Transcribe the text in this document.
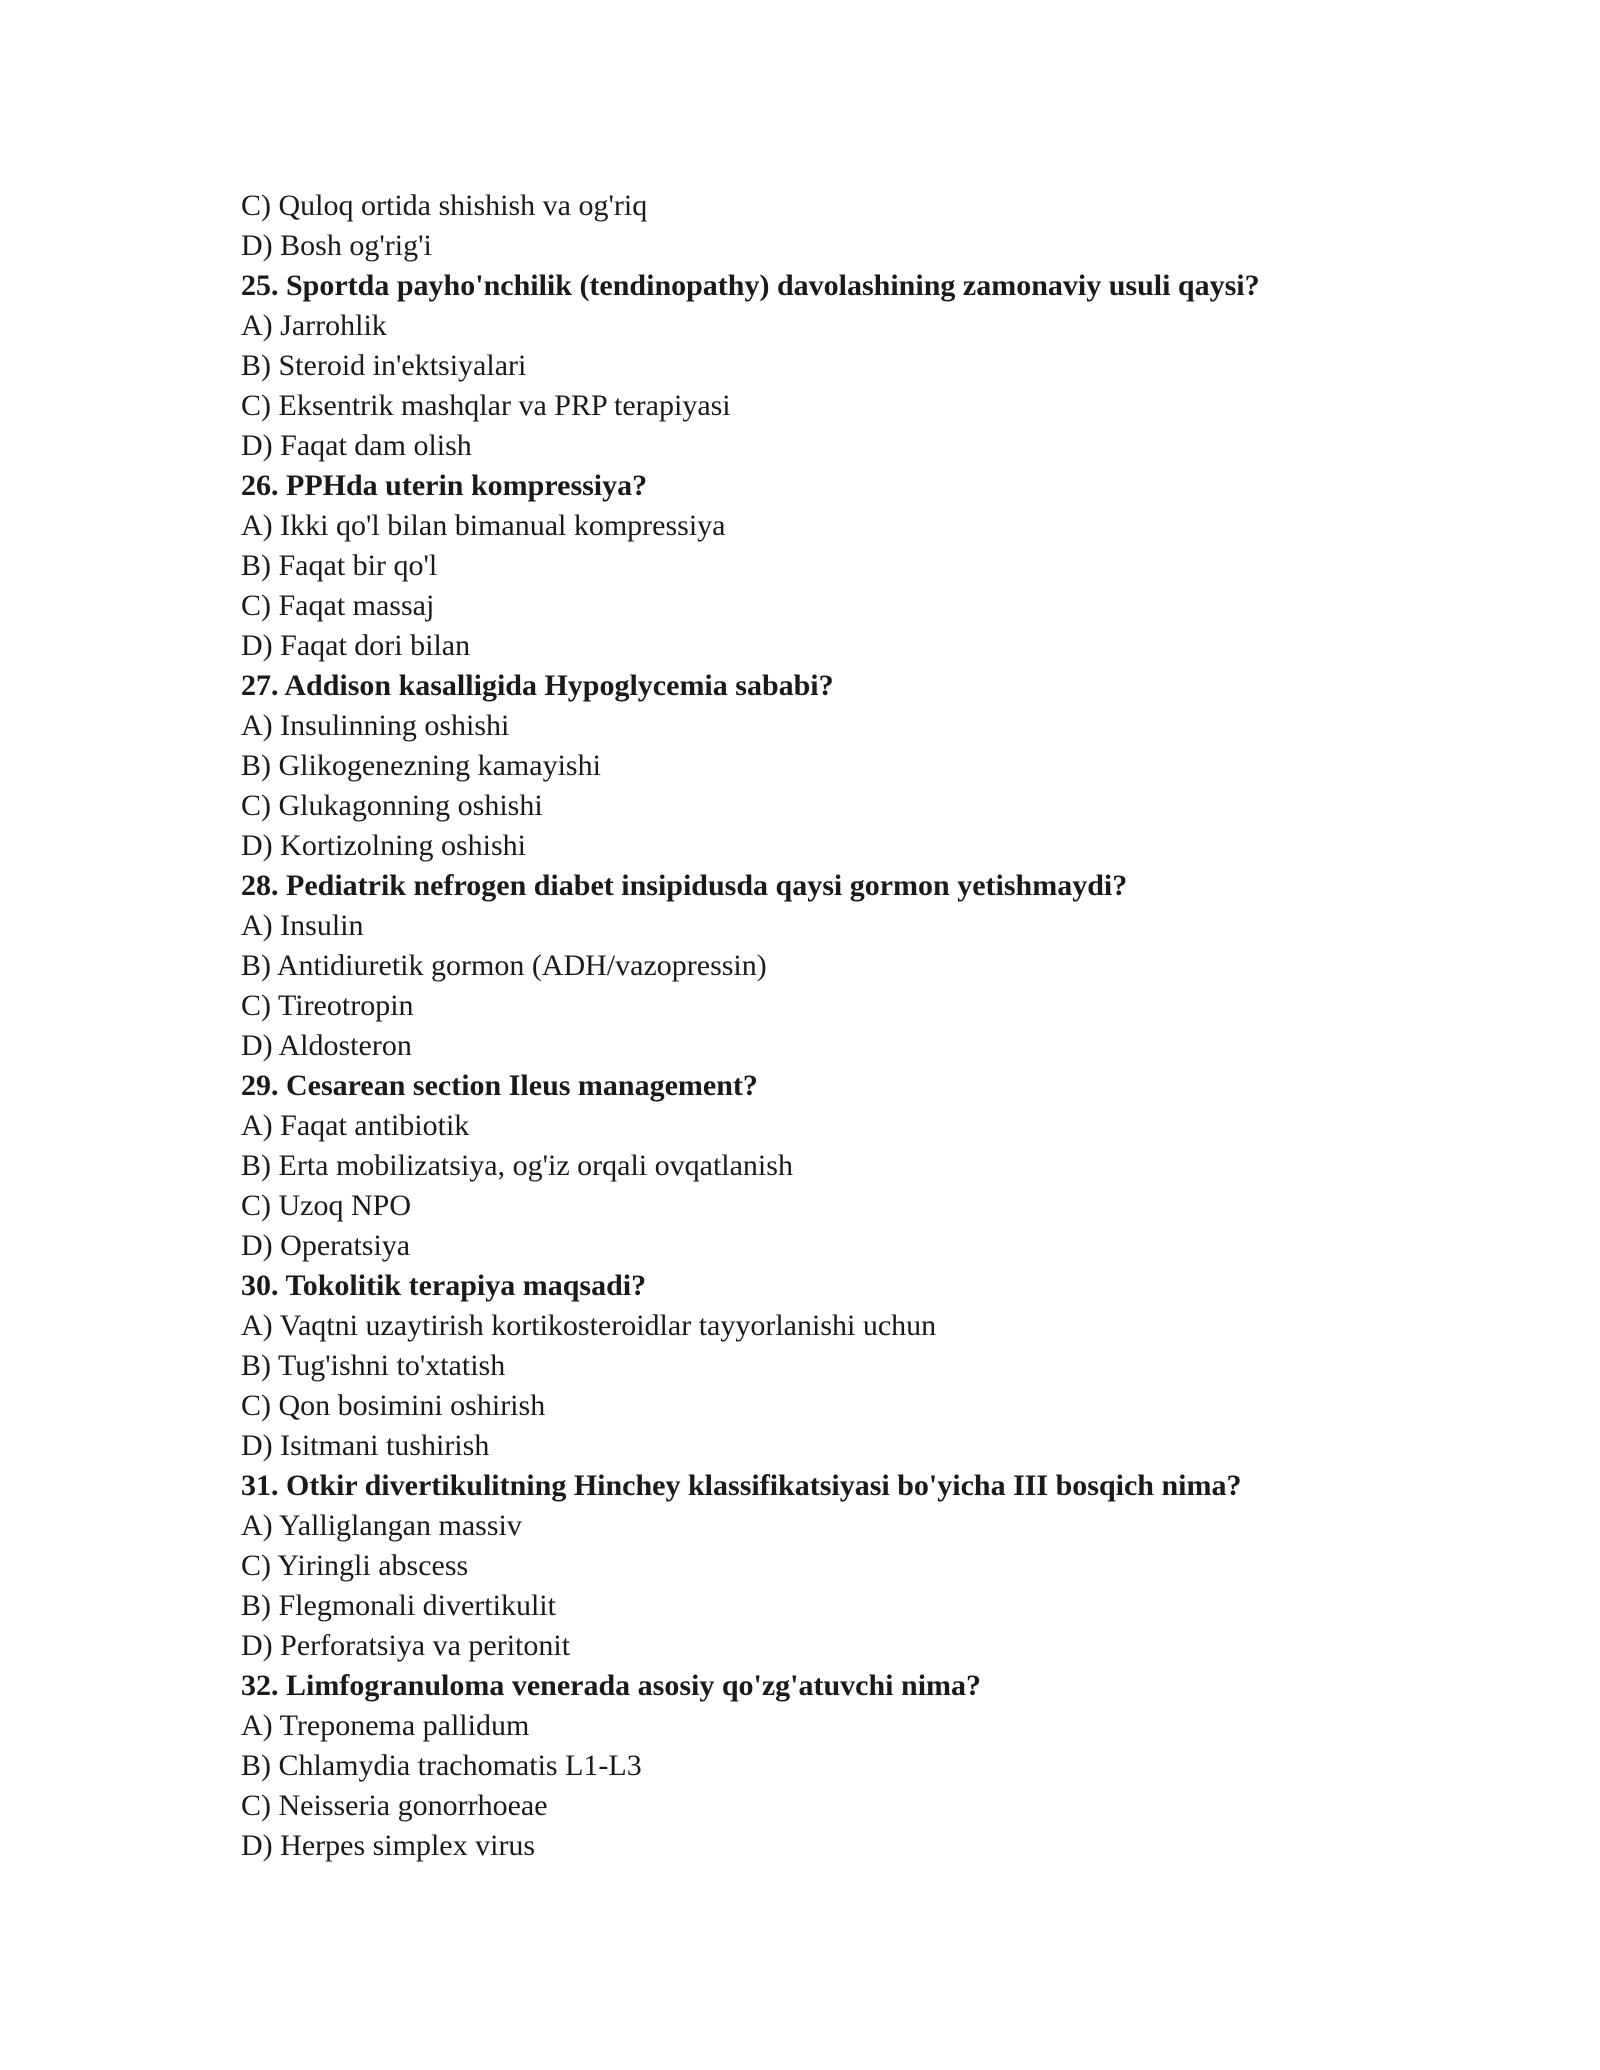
C) Quloq ortida shishish va og'riq
D) Bosh og'rig'i
25. Sportda payho'nchilik (tendinopathy) davolashining zamonaviy usuli qaysi?
A) Jarrohlik
B) Steroid in'ektsiyalari
C) Eksentrik mashqlar va PRP terapiyasi
D) Faqat dam olish
26. PPHda uterin kompressiya?
A) Ikki qo'l bilan bimanual kompressiya
B) Faqat bir qo'l
C) Faqat massaj
D) Faqat dori bilan
27. Addison kasalligida Hypoglycemia sababi?
A) Insulinning oshishi
B) Glikogenezning kamayishi
C) Glukagonning oshishi
D) Kortizolning oshishi
28. Pediatrik nefrogen diabet insipidusda qaysi gormon yetishmaydi?
A) Insulin
B) Antidiuretik gormon (ADH/vazopressin)
C) Tireotropin
D) Aldosteron
29. Cesarean section Ileus management?
A) Faqat antibiotik
B) Erta mobilizatsiya, og'iz orqali ovqatlanish
C) Uzoq NPO
D) Operatsiya
30. Tokolitik terapiya maqsadi?
A) Vaqtni uzaytirish kortikosteroidlar tayyorlanishi uchun
B) Tug'ishni to'xtatish
C) Qon bosimini oshirish
D) Isitmani tushirish
31. Otkir divertikulitning Hinchey klassifikatsiyasi bo'yicha III bosqich nima?
A) Yalliglangan massiv
C) Yiringli abscess
B) Flegmonali divertikulit
D) Perforatsiya va peritonit
32. Limfogranuloma venerada asosiy qo'zg'atuvchi nima?
A) Treponema pallidum
B) Chlamydia trachomatis L1-L3
C) Neisseria gonorrhoeae
D) Herpes simplex virus
